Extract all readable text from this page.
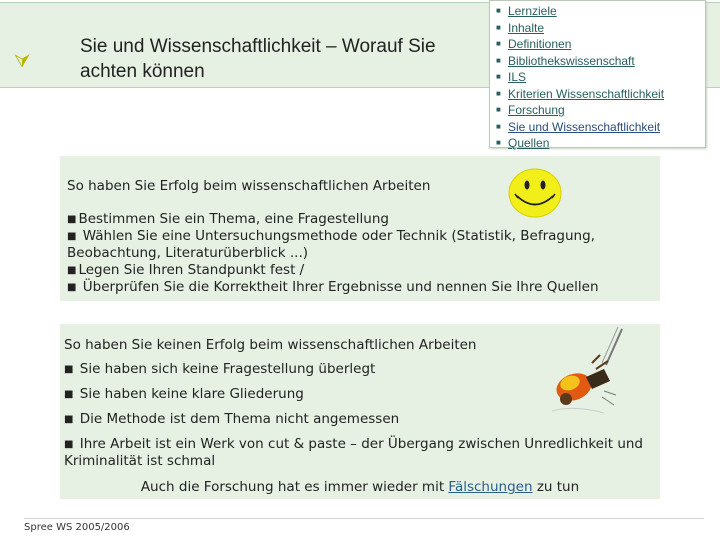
⮛
Sie und Wissenschaftlichkeit – Worauf Sie achten können
■ Lernziele
■ Inhalte
■ Definitionen
■ Bibliothekswissenschaft
■ ILS
■ Kriterien Wissenschaftlichkeit
■ Forschung
■ Sie und Wissenschaftlichkeit
■ Quellen
So haben Sie Erfolg beim wissenschaftlichen Arbeiten
■ Bestimmen Sie ein Thema, eine Fragestellung
■ Wählen Sie eine Untersuchungsmethode oder Technik (Statistik, Befragung, Beobachtung, Literaturüberblick ...)
■ Legen Sie Ihren Standpunkt fest /
■ Überprüfen Sie die Korrektheit Ihrer Ergebnisse und nennen Sie Ihre Quellen
So haben Sie keinen Erfolg beim wissenschaftlichen Arbeiten
■ Sie haben sich keine Fragestellung überlegt
■ Sie haben keine klare Gliederung
■ Die Methode ist dem Thema nicht angemessen
■ Ihre Arbeit ist ein Werk von cut & paste – der Übergang zwischen Unredlichkeit und Kriminalität ist schmal
Auch die Forschung hat es immer wieder mit Fälschungen zu tun
Spree WS 2005/2006
